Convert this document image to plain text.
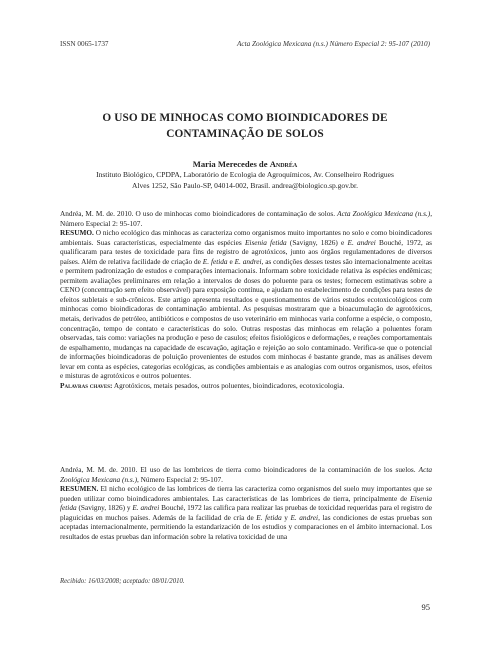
ISSN 0065-1737	Acta Zoológica Mexicana (n.s.) Número Especial 2: 95-107 (2010)
O USO DE MINHOCAS COMO BIOINDICADORES DE
CONTAMINAÇÃO DE SOLOS
Maria Merecedes de Andréa
Instituto Biológico, CPDPA, Laboratório de Ecologia de Agroquímicos, Av. Conselheiro Rodrigues
Alves 1252, São Paulo-SP, 04014-002, Brasil. andrea@biologico.sp.gov.br.

Andréa, M. M. de. 2010. O uso de minhocas como bioindicadores de contaminação de solos. Acta Zoológica Mexicana (n.s.), Número Especial 2: 95-107.

RESUMO. O nicho ecológico das minhocas as caracteriza como organismos muito importantes no solo e como bioindicadores ambientais. Suas características, especialmente das espécies Eisenia fetida (Savigny, 1826) e E. andrei Bouché, 1972, as qualificaram para testes de toxicidade para fins de registro de agrotóxicos, junto aos órgãos regulamentadores de diversos países. Além de relativa facilidade de criação de E. fetida e E. andrei, as condições desses testes são internacionalmente aceitas e permitem padronização de estudos e comparações internacionais. Informam sobre toxicidade relativa às espécies endêmicas; permitem avaliações preliminares em relação a intervalos de doses do poluente para os testes; fornecem estimativas sobre a CENO (concentração sem efeito observável) para exposição contínua, e ajudam no estabelecimento de condições para testes de efeitos subletais e sub-crônicos. Este artigo apresenta resultados e questionamentos de vários estudos ecotoxicológicos com minhocas como bioindicadoras de contaminação ambiental. As pesquisas mostraram que a bioacumulação de agrotóxicos, metais, derivados de petróleo, antibióticos e compostos de uso veterinário em minhocas varia conforme a espécie, o composto, concentração, tempo de contato e características do solo. Outras respostas das minhocas em relação a poluentes foram observadas, tais como: variações na produção e peso de casulos; efeitos fisiológicos e deformações, e reações comportamentais de espalhamento, mudanças na capacidade de escavação, agitação e rejeição ao solo contaminado. Verifica-se que o potencial de informações bioindicadoras de poluição provenientes de estudos com minhocas é bastante grande, mas as análises devem levar em conta as espécies, categorias ecológicas, as condições ambientais e as analogias com outros organismos, usos, efeitos e misturas de agrotóxicos e outros poluentes.

Palavras chaves: Agrotóxicos, metais pesados, outros poluentes, bioindicadores, ecotoxicologia.

Andréa, M. M. de. 2010. El uso de las lombrices de tierra como bioindicadores de la contaminación de los suelos. Acta Zoológica Mexicana (n.s.), Número Especial 2: 95-107.

RESUMEN. El nicho ecológico de las lombrices de tierra las caracteriza como organismos del suelo muy importantes que se pueden utilizar como bioindicadores ambientales. Las características de las lombrices de tierra, principalmente de Eisenia fetida (Savigny, 1826) y E. andrei Bouché, 1972 las califica para realizar las pruebas de toxicidad requeridas para el registro de plaguicidas en muchos países. Además de la facilidad de cría de E. fetida y E. andrei, las condiciones de estas pruebas son aceptadas internacionalmente, permitiendo la estandarización de los estudios y comparaciones en el ámbito internacional. Los resultados de estas pruebas dan información sobre la relativa toxicidad de una

Recibido: 16/03/2008; aceptado: 08/01/2010.
95
